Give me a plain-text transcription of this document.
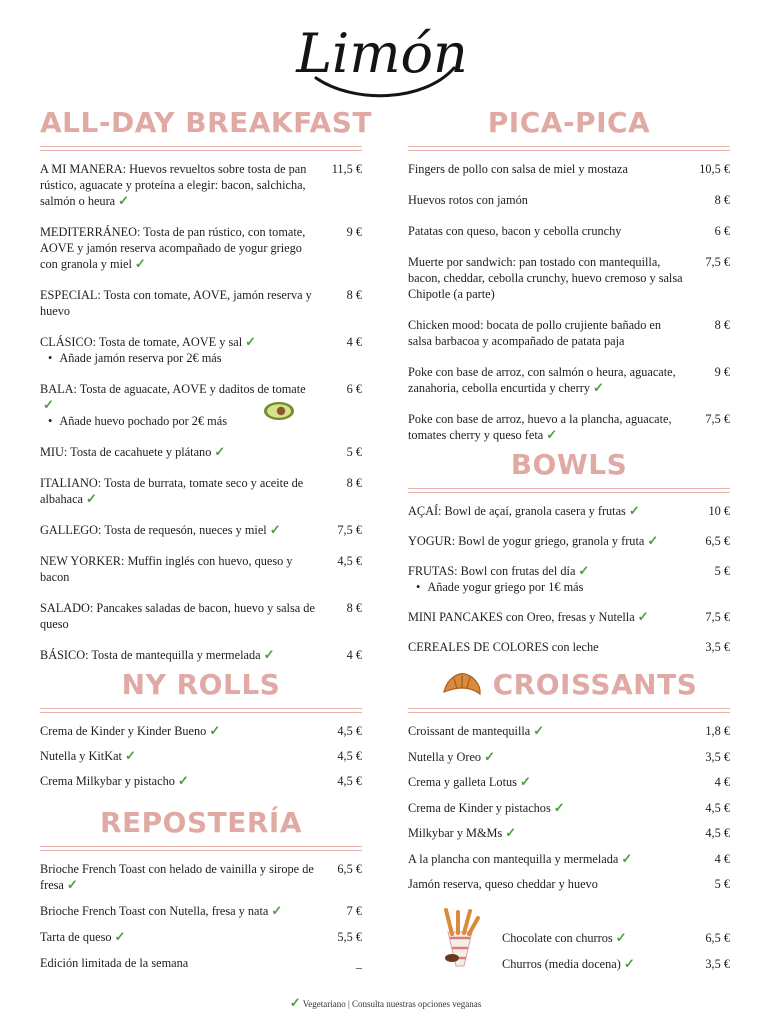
Limón
ALL-DAY BREAKFAST
A MI MANERA: Huevos revueltos sobre tosta de pan rústico, aguacate y proteína a elegir: bacon, salchicha, salmón o heura✓
11,5 €
MEDITERRÁNEO: Tosta de pan rústico, con tomate, AOVE y jamón reserva acompañado de yogur griego con granola y miel✓
9 €
ESPECIAL: Tosta con tomate, AOVE, jamón reserva y huevo
8 €
CLÁSICO: Tosta de tomate, AOVE y sal ✓	4 €
• Añade jamón reserva por 2€ más
BALA: Tosta de aguacate, AOVE y daditos de tomate✓	6 €
• Añade huevo pochado por 2€ más
MIU: Tosta de cacahuete y plátano ✓	5 €
ITALIANO: Tosta de burrata, tomate seco y aceite de albahaca✓
8 €
GALLEGO: Tosta de requesón, nueces y miel ✓	7,5 €
NEW YORKER: Muffin inglés con huevo, queso y bacon
4,5 €
SALADO: Pancakes saladas de bacon, huevo y salsa de queso
8 €
BÁSICO: Tosta de mantequilla y mermelada ✓	4 €
NY ROLLS
Crema de Kinder y Kinder Bueno ✓	4,5 €
Nutella y KitKat ✓	4,5 €
Crema Milkybar y pistacho ✓	4,5 €
REPOSTERÍA
Brioche French Toast con helado de vainilla y sirope de fresa✓
6,5 €
Brioche French Toast con Nutella, fresa y nata ✓	7 €
Tarta de queso ✓	5,5 €
Edición limitada de la semana	_
PICA-PICA
Fingers de pollo con salsa de miel y mostaza	10,5 €
Huevos rotos con jamón	8 €
Patatas con queso, bacon y cebolla crunchy	6 €
Muerte por sandwich: pan tostado con mantequilla, bacon, cheddar, cebolla crunchy, huevo cremoso y salsa Chipotle (a parte)
7,5 €
Chicken mood: bocata de pollo crujiente bañado en salsa barbacoa y acompañado de patata paja
8 €
Poke con base de arroz, con salmón o heura, aguacate, zanahoria, cebolla encurtida y cherry✓
9 €
Poke con base de arroz, huevo a la plancha, aguacate, tomates cherry y queso feta✓
7,5 €
BOWLS
AÇAÍ: Bowl de açaí, granola casera y frutas ✓	10 €
YOGUR: Bowl de yogur griego, granola y fruta ✓	6,5 €
FRUTAS: Bowl con frutas del día ✓	5 €
• Añade yogur griego por 1€ más
MINI PANCAKES con Oreo, fresas y Nutella ✓	7,5 €
CEREALES DE COLORES con leche	3,5 €
CROISSANTS
Croissant de mantequilla ✓	1,8 €
Nutella y Oreo ✓	3,5 €
Crema y galleta Lotus ✓	4 €
Crema de Kinder y pistachos ✓	4,5 €
Milkybar y M&Ms ✓	4,5 €
A la plancha con mantequilla y mermelada ✓	4 €
Jamón reserva, queso cheddar y huevo	5 €
Chocolate con churros ✓	6,5 €
Churros (media docena) ✓	3,5 €
✓ Vegetariano | Consulta nuestras opciones veganas
